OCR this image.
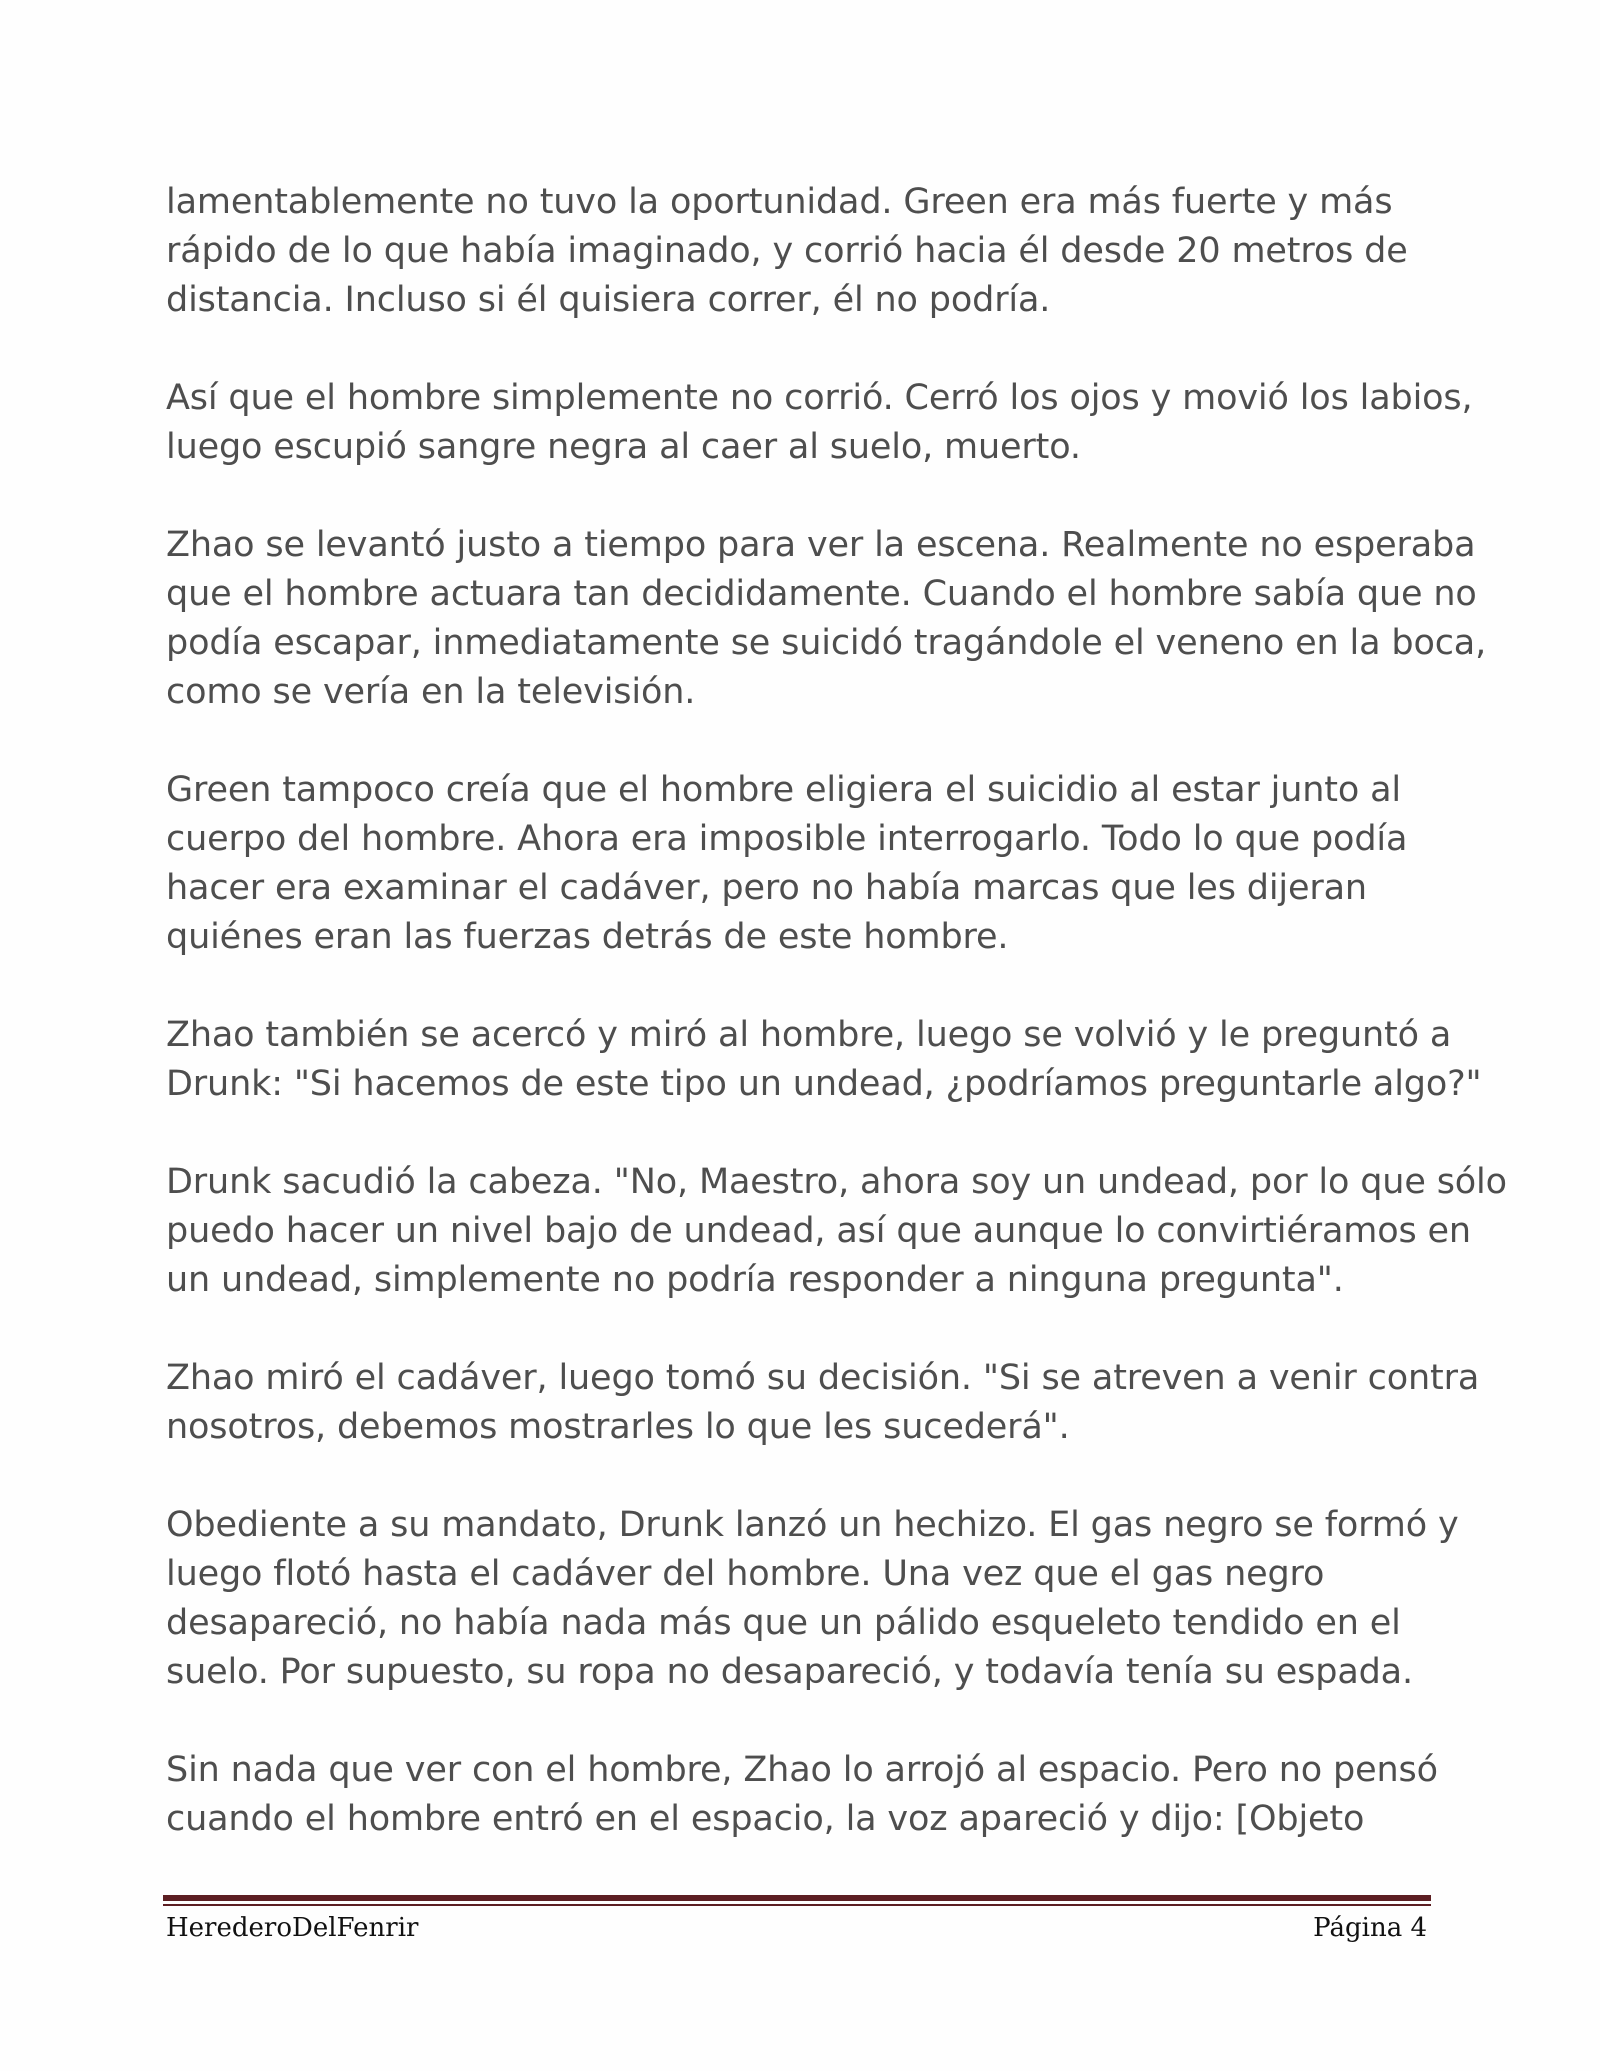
lamentablemente no tuvo la oportunidad. Green era más fuerte y más
rápido de lo que había imaginado, y corrió hacia él desde 20 metros de
distancia. Incluso si él quisiera correr, él no podría.

Así que el hombre simplemente no corrió. Cerró los ojos y movió los labios,
luego escupió sangre negra al caer al suelo, muerto.

Zhao se levantó justo a tiempo para ver la escena. Realmente no esperaba
que el hombre actuara tan decididamente. Cuando el hombre sabía que no
podía escapar, inmediatamente se suicidó tragándole el veneno en la boca,
como se vería en la televisión.

Green tampoco creía que el hombre eligiera el suicidio al estar junto al
cuerpo del hombre. Ahora era imposible interrogarlo. Todo lo que podía
hacer era examinar el cadáver, pero no había marcas que les dijeran
quiénes eran las fuerzas detrás de este hombre.

Zhao también se acercó y miró al hombre, luego se volvió y le preguntó a
Drunk: "Si hacemos de este tipo un undead, ¿podríamos preguntarle algo?"

Drunk sacudió la cabeza. "No, Maestro, ahora soy un undead, por lo que sólo
puedo hacer un nivel bajo de undead, así que aunque lo convirtiéramos en
un undead, simplemente no podría responder a ninguna pregunta".

Zhao miró el cadáver, luego tomó su decisión. "Si se atreven a venir contra
nosotros, debemos mostrarles lo que les sucederá".

Obediente a su mandato, Drunk lanzó un hechizo. El gas negro se formó y
luego flotó hasta el cadáver del hombre. Una vez que el gas negro
desapareció, no había nada más que un pálido esqueleto tendido en el
suelo. Por supuesto, su ropa no desapareció, y todavía tenía su espada.

Sin nada que ver con el hombre, Zhao lo arrojó al espacio. Pero no pensó
cuando el hombre entró en el espacio, la voz apareció y dijo: [Objeto

HerederoDelFenrir	Página 4
